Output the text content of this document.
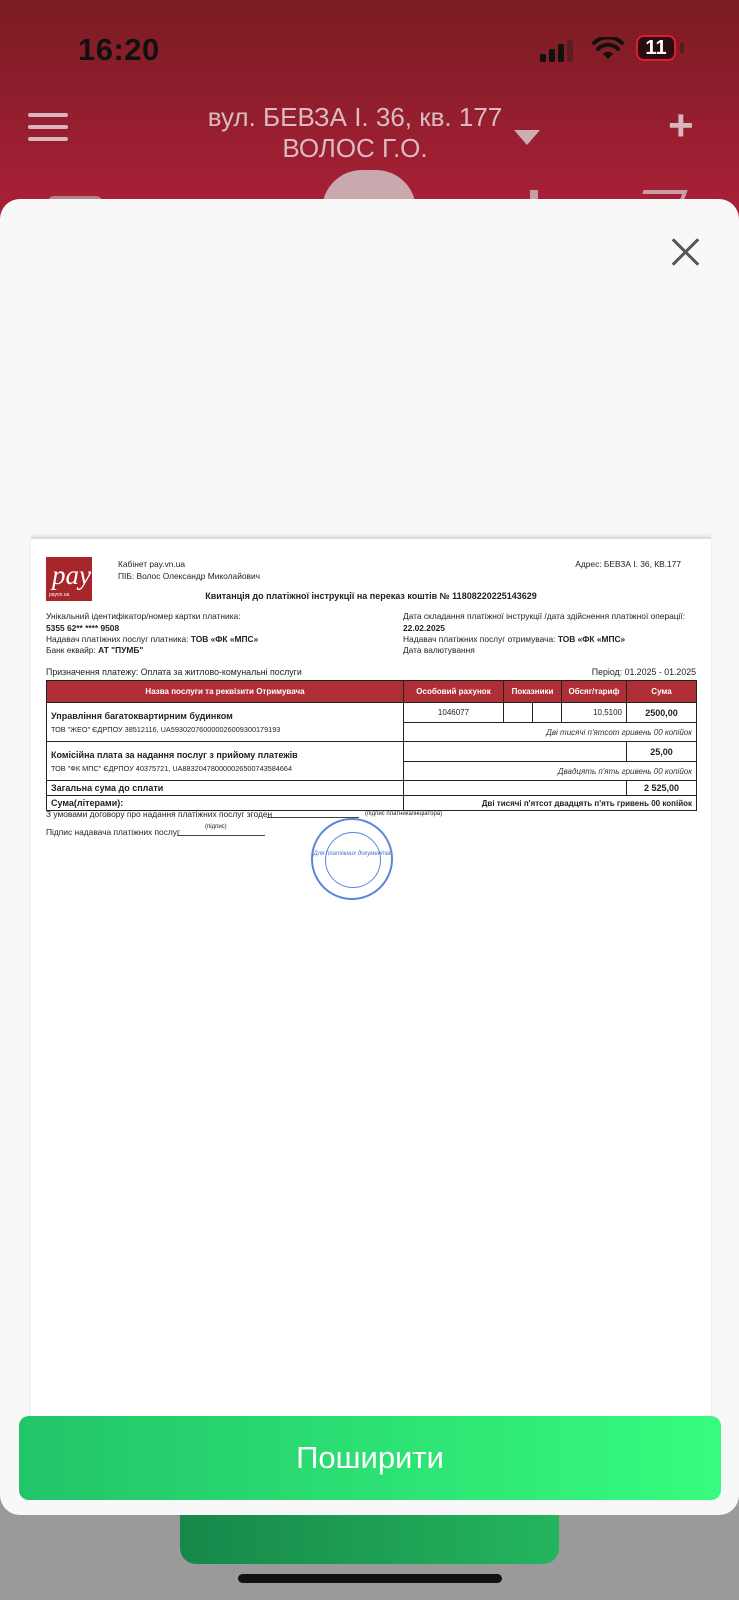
16:20	11
вул. БЕВЗА І. 36, кв. 177
ВОЛОС Г.О.	+
pay
payvn.ua
Кабінет pay.vn.ua
ПІБ: Волос Олександр Миколайович
Адрес: БЕВЗА І. 36, КВ.177
Квитанція до платіжної інструкції на переказ коштів № 11808220225143629
Унікальний ідентифікатор/номер картки платника:
5355 62** **** 9508
Надавач платіжних послуг платника: ТОВ «ФК «МПС»
Банк еквайр: АТ "ПУМБ"
Дата складання платіжної інструкції /дата здійснення платіжної операції:
22.02.2025
Надавач платіжних послуг отримувача: ТОВ «ФК «МПС»
Дата валютування
Призначення платежу: Оплата за житлово-комунальні послуги	Період: 01.2025 - 01.2025
Назва послуги та реквізити Отримувача	Особовий рахунок	Показники		Обсяг/тариф	Сума

Управління багатоквартирним будинком
ТОВ "ЖЕО" ЄДРПОУ 38512116, UA593020760000026009300179193	1046077			10,5100	2500,00
	Дві тисячі п'ятсот гривень 00 копійок				

Комісійна плата за надання послуг з прийому платежів
ТОВ "ФК МПС" ЄДРПОУ 40375721, UA883204780000026500743584664					25,00
	Двадцять п'ять гривень 00 копійок				
Загальна сума до сплати					2 525,00
Сума(літерами):	Дві тисячі п'ятсот двадцять п'ять гривень 00 копійок				
З умовами договору про надання платіжних послуг згоден	(підпис платника/ініціатора)
Підпис надавача платіжних послуг	(підпис)
Для платіжних документів
Поширити
